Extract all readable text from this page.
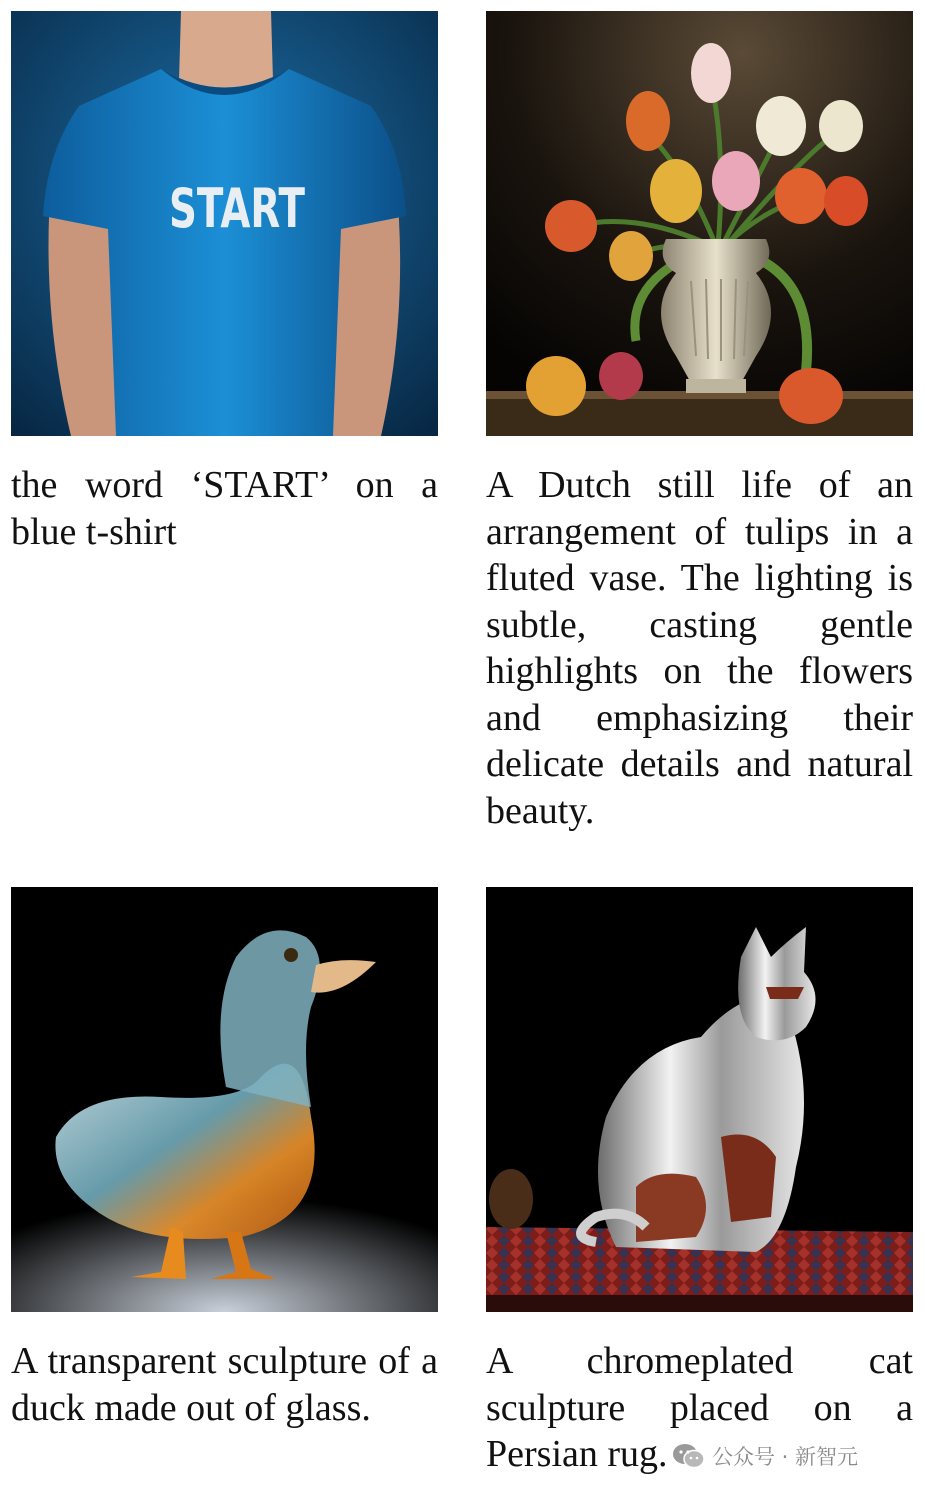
START
the word ‘START’ on a blue t-shirt
A Dutch still life of an arrangement of tulips in a fluted vase. The lighting is subtle, casting gentle highlights on the flowers and emphasizing their delicate details and natural beauty.
A transparent sculpture of a duck made out of glass.
A chromeplated cat sculpture placed on a Persian rug.	公众号 · 新智元
